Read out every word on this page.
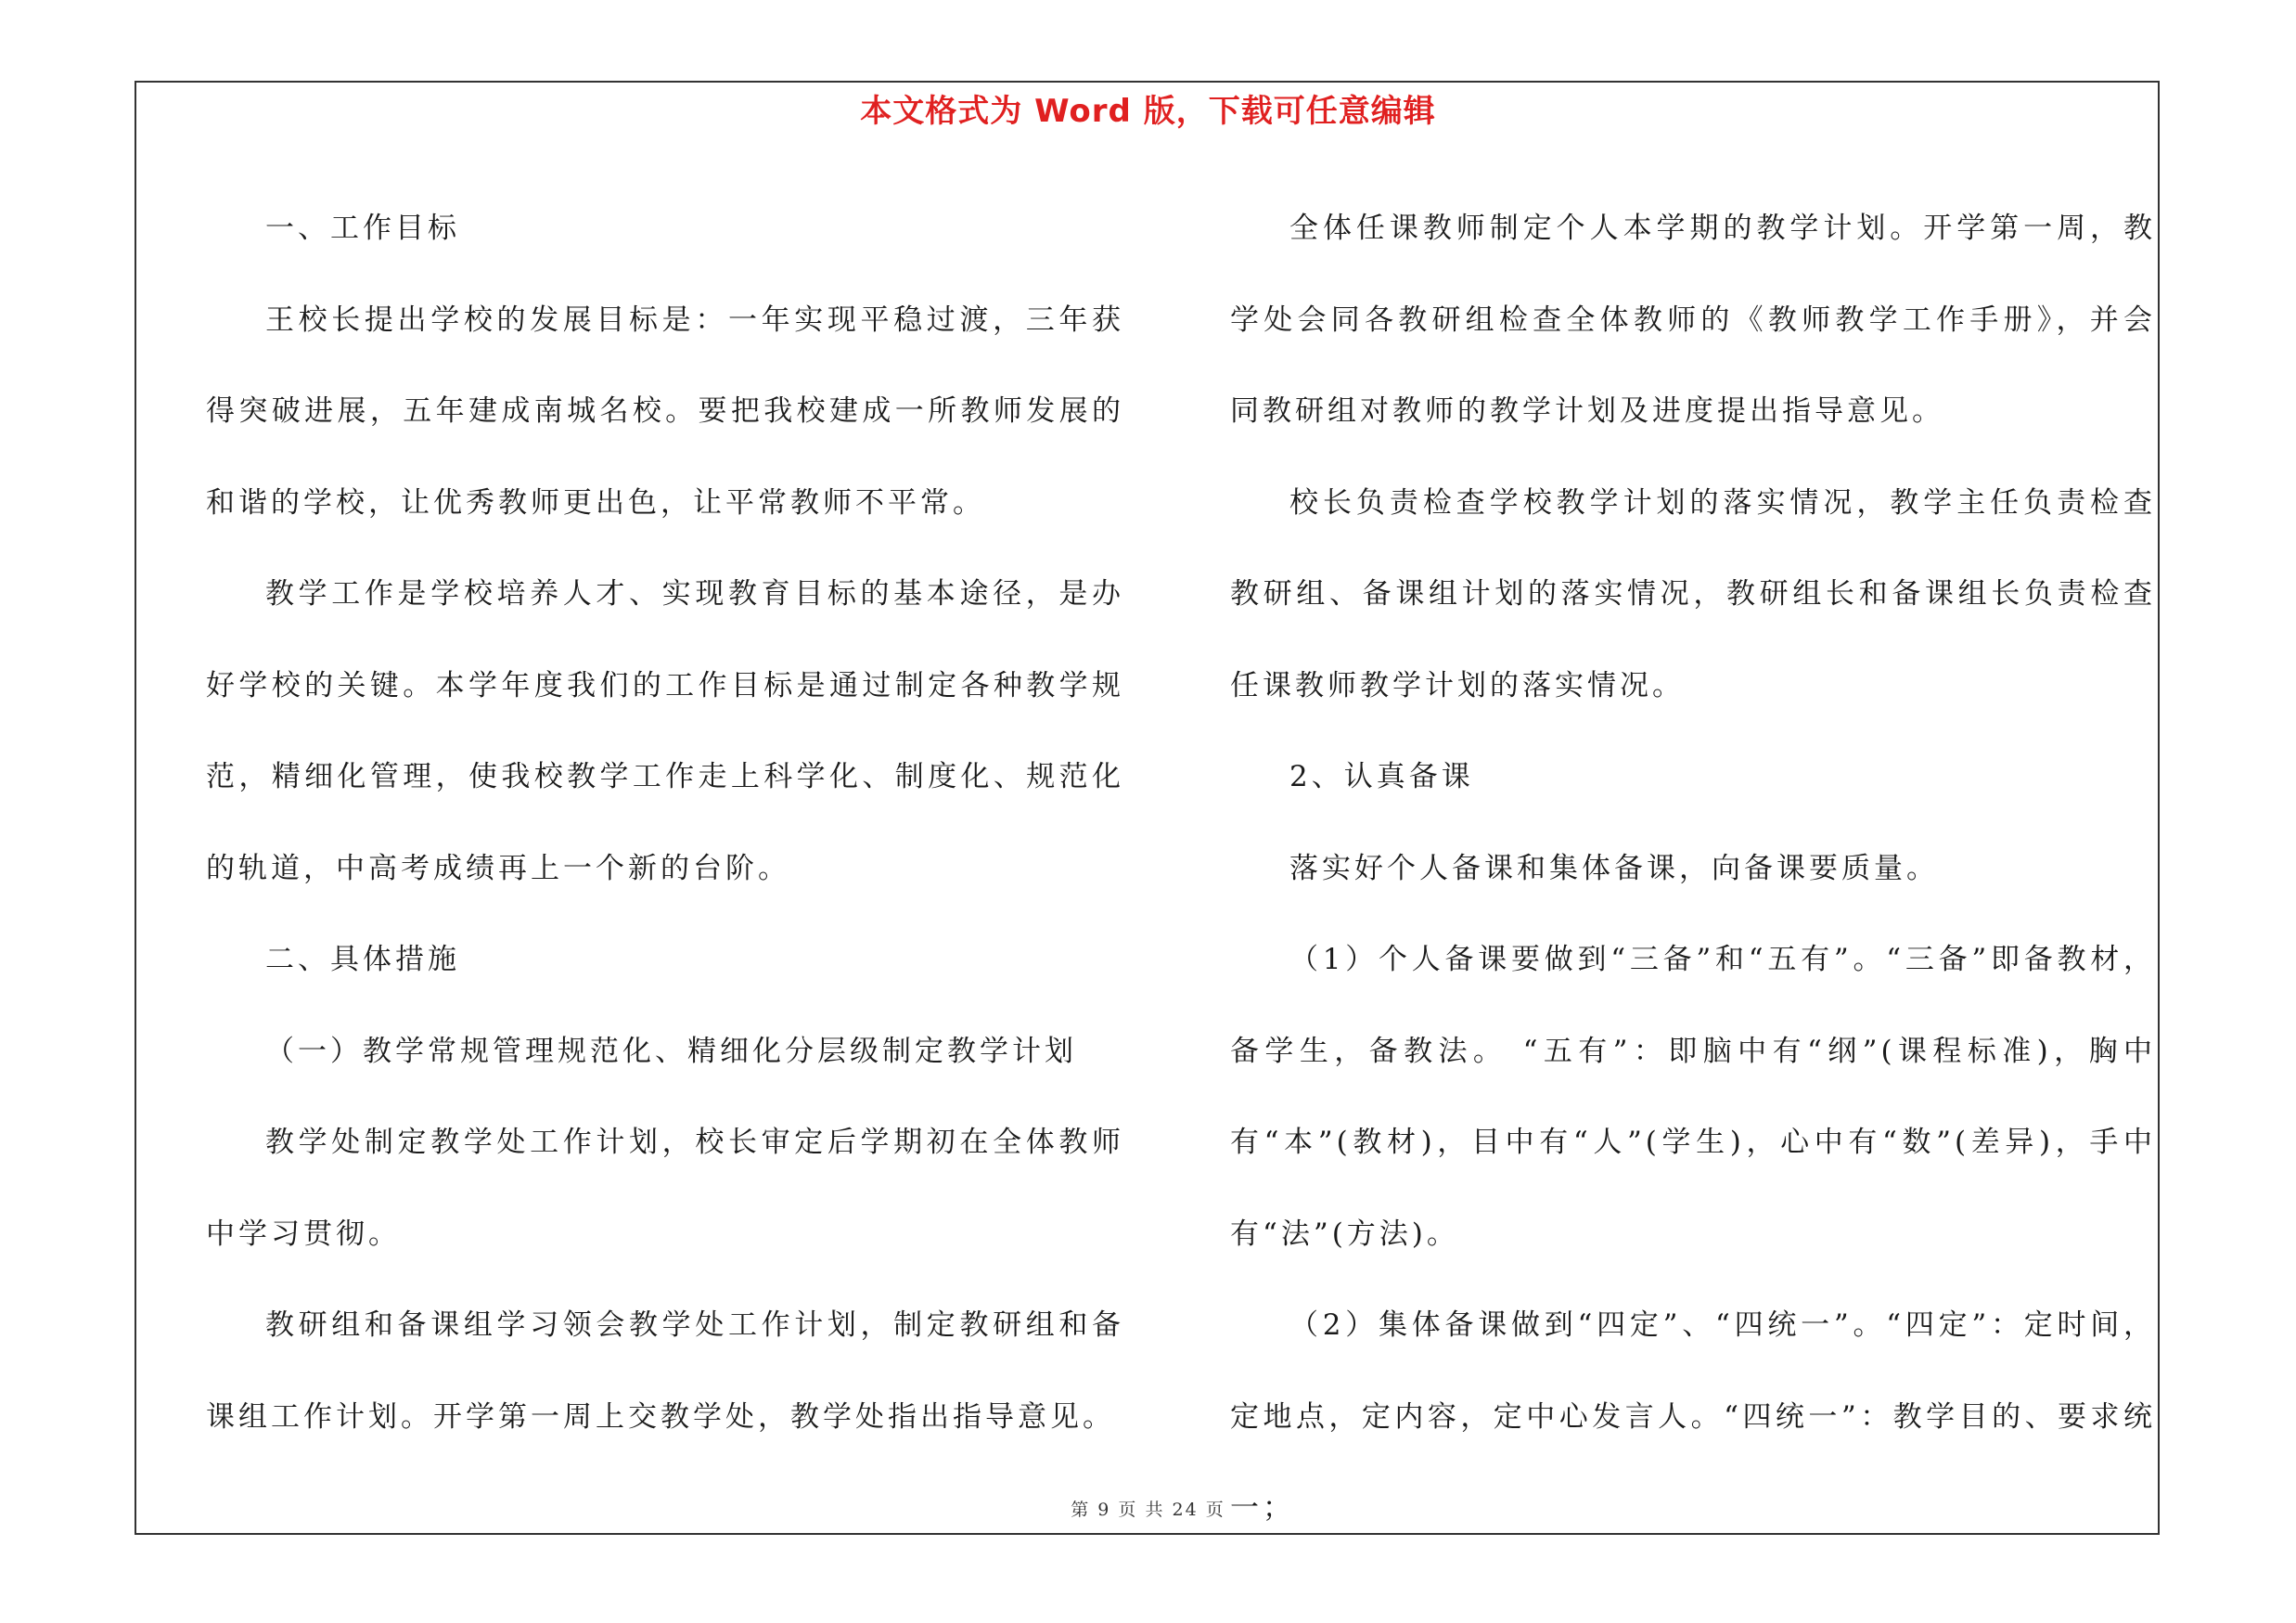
本文格式为 Word 版，下载可任意编辑

一、工作目标

王校长提出学校的发展目标是：一年实现平稳过渡，三年获得突破进展，五年建成南城名校。要把我校建成一所教师发展的和谐的学校，让优秀教师更出色，让平常教师不平常。

教学工作是学校培养人才、实现教育目标的基本途径，是办好学校的关键。本学年度我们的工作目标是通过制定各种教学规范，精细化管理，使我校教学工作走上科学化、制度化、规范化的轨道，中高考成绩再上一个新的台阶。

二、具体措施

（一）教学常规管理规范化、精细化分层级制定教学计划

教学处制定教学处工作计划，校长审定后学期初在全体教师中学习贯彻。

教研组和备课组学习领会教学处工作计划，制定教研组和备课组工作计划。开学第一周上交教学处，教学处指出指导意见。

全体任课教师制定个人本学期的教学计划。开学第一周，教学处会同各教研组检查全体教师的《教师教学工作手册》，并会同教研组对教师的教学计划及进度提出指导意见。

校长负责检查学校教学计划的落实情况，教学主任负责检查教研组、备课组计划的落实情况，教研组长和备课组长负责检查任课教师教学计划的落实情况。

2、认真备课

落实好个人备课和集体备课，向备课要质量。

（1）个人备课要做到“三备”和“五有”。“三备”即备教材，备学生，备教法。 “五有”：即脑中有“纲”(课程标准)，胸中有“本”(教材)，目中有“人”(学生)，心中有“数”(差异)，手中有“法”(方法)。

（2）集体备课做到“四定”、“四统一”。“四定”：定时间，定地点，定内容，定中心发言人。“四统一”：教学目的、要求统一；

第 9 页 共 24 页
